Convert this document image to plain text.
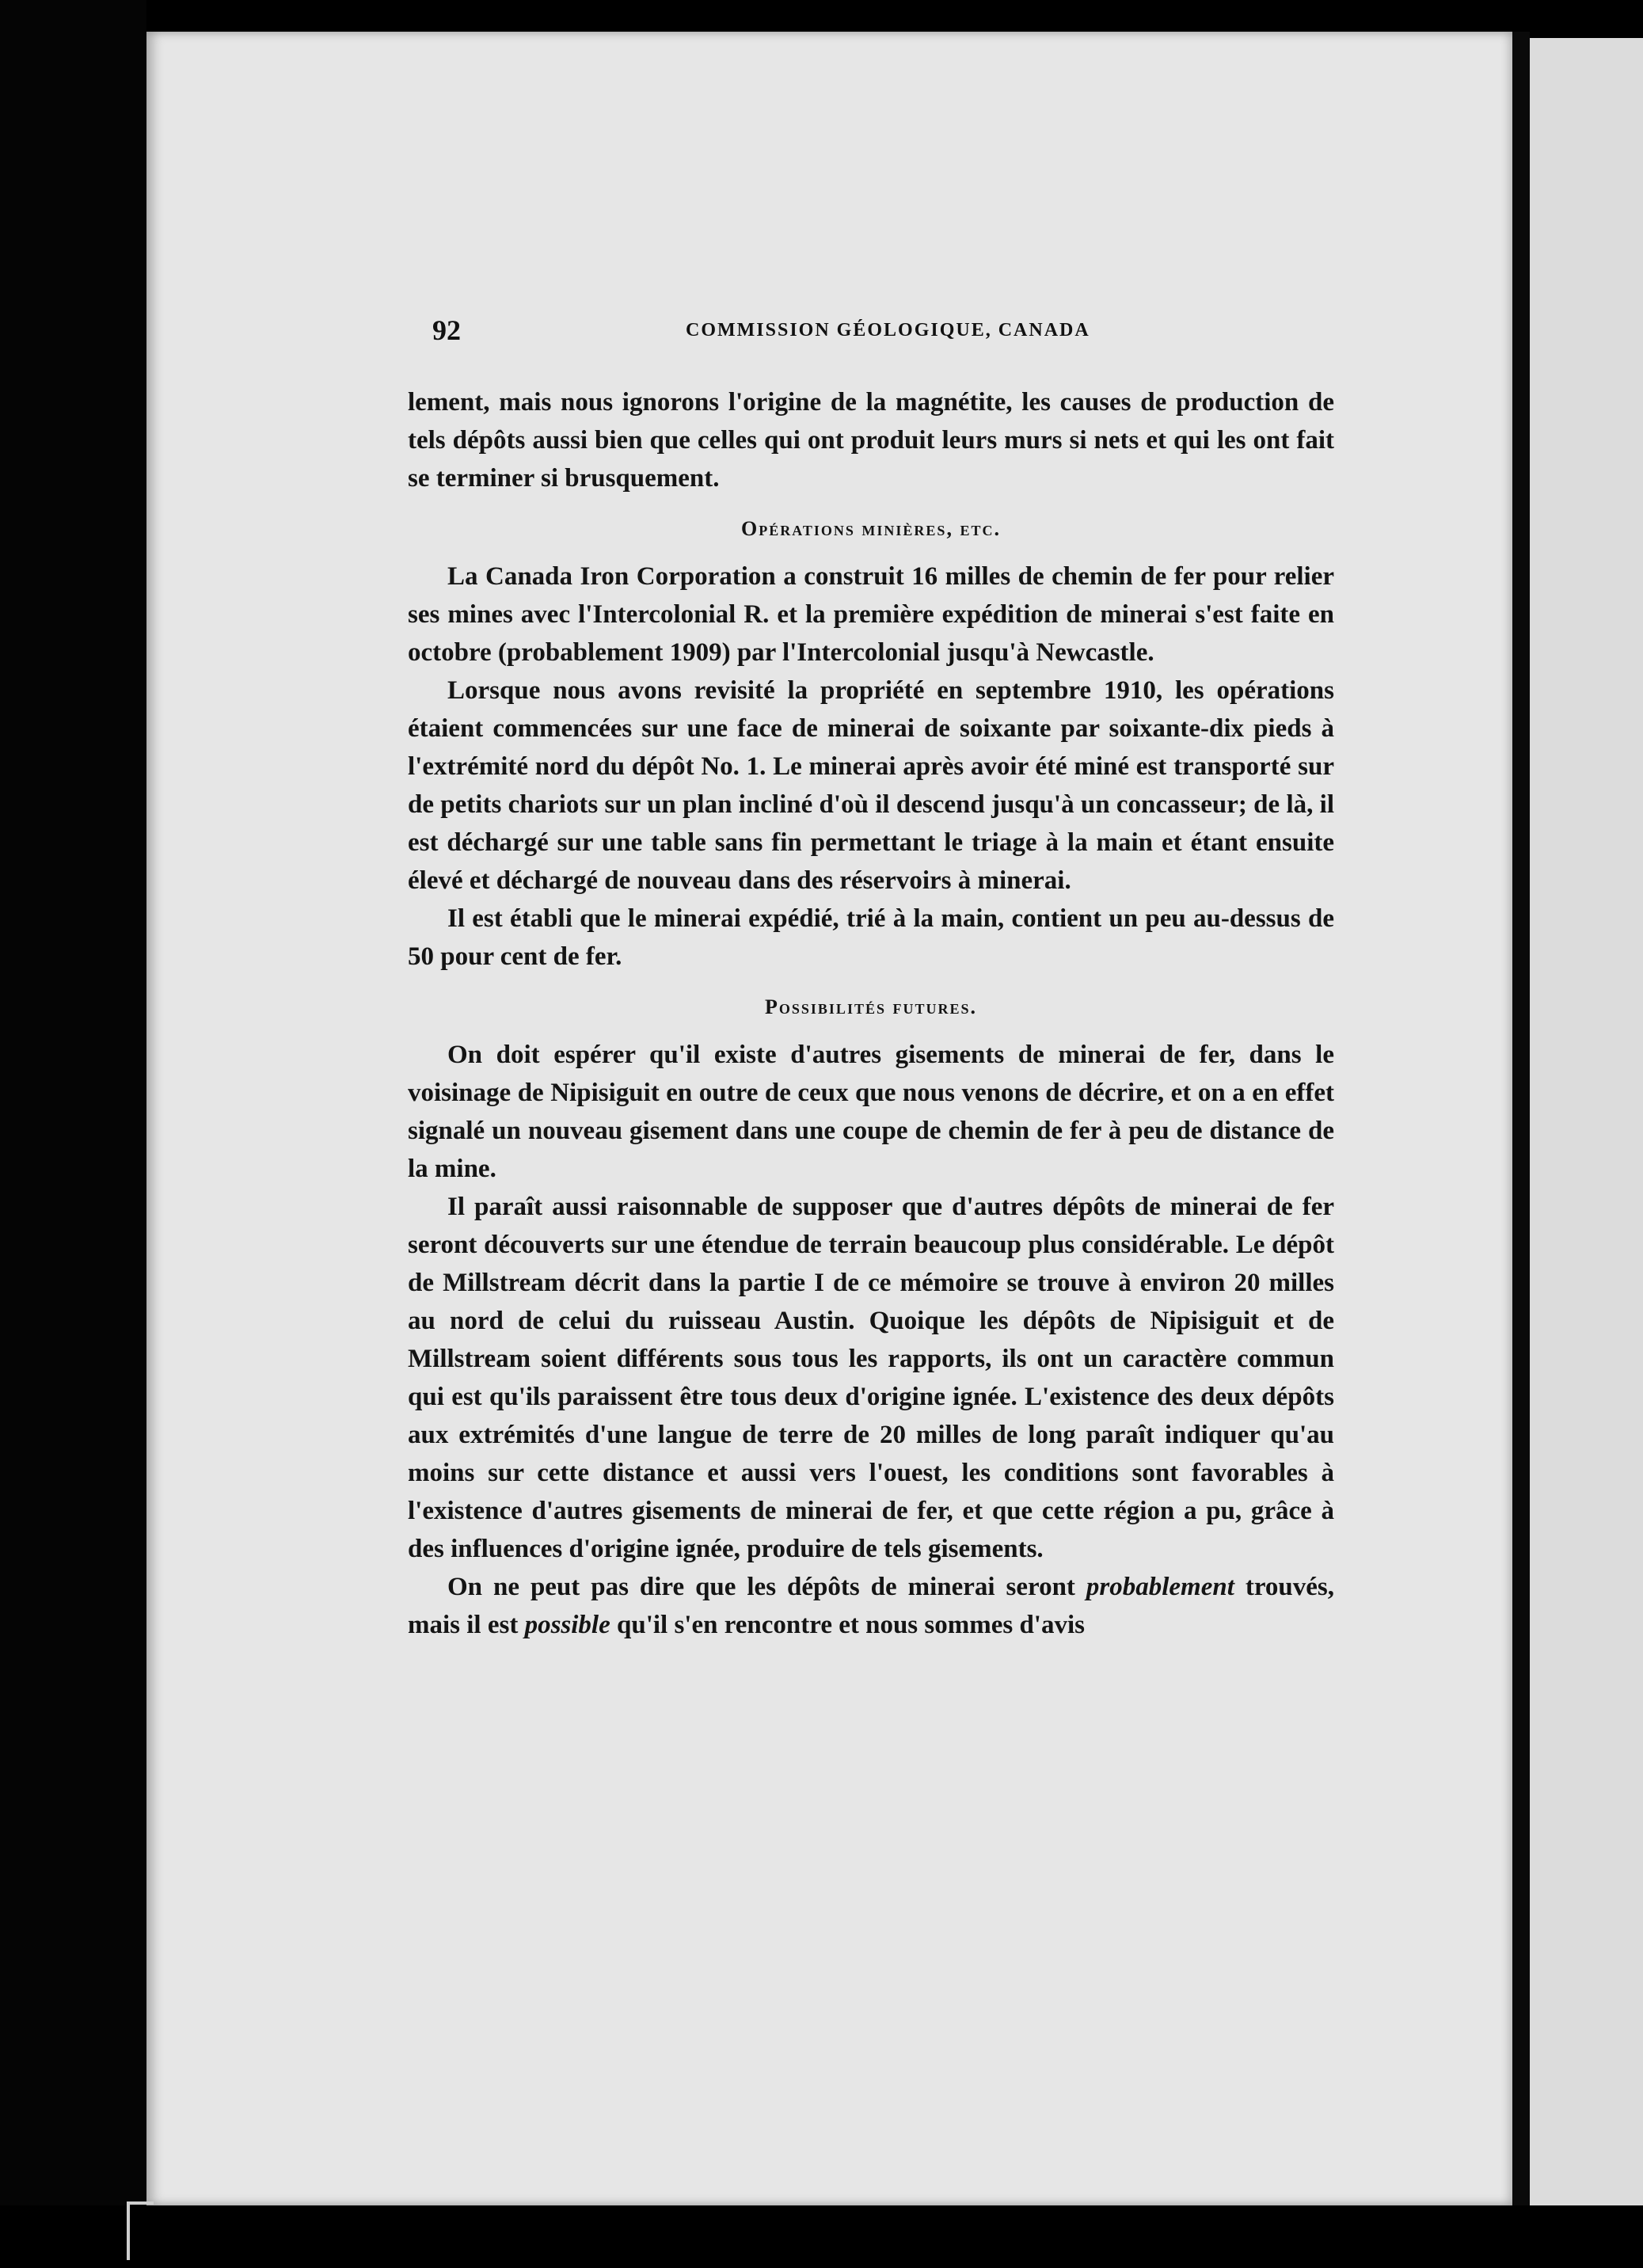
92	COMMISSION GÉOLOGIQUE, CANADA

lement, mais nous ignorons l'origine de la magnétite, les causes de production de tels dépôts aussi bien que celles qui ont produit leurs murs si nets et qui les ont fait se terminer si brusquement.

Opérations minières, etc.

La Canada Iron Corporation a construit 16 milles de chemin de fer pour relier ses mines avec l'Intercolonial R. et la première expédition de minerai s'est faite en octobre (probablement 1909) par l'Intercolonial jusqu'à Newcastle.

Lorsque nous avons revisité la propriété en septembre 1910, les opérations étaient commencées sur une face de minerai de soixante par soixante-dix pieds à l'extrémité nord du dépôt No. 1. Le minerai après avoir été miné est transporté sur de petits chariots sur un plan incliné d'où il descend jusqu'à un concasseur; de là, il est déchargé sur une table sans fin permettant le triage à la main et étant ensuite élevé et déchargé de nouveau dans des réservoirs à minerai.

Il est établi que le minerai expédié, trié à la main, contient un peu au-dessus de 50 pour cent de fer.

Possibilités futures.

On doit espérer qu'il existe d'autres gisements de minerai de fer, dans le voisinage de Nipisiguit en outre de ceux que nous venons de décrire, et on a en effet signalé un nouveau gisement dans une coupe de chemin de fer à peu de distance de la mine.

Il paraît aussi raisonnable de supposer que d'autres dépôts de minerai de fer seront découverts sur une étendue de terrain beaucoup plus considérable. Le dépôt de Millstream décrit dans la partie I de ce mémoire se trouve à environ 20 milles au nord de celui du ruisseau Austin. Quoique les dépôts de Nipisiguit et de Millstream soient différents sous tous les rapports, ils ont un caractère commun qui est qu'ils paraissent être tous deux d'origine ignée. L'existence des deux dépôts aux extrémités d'une langue de terre de 20 milles de long paraît indiquer qu'au moins sur cette distance et aussi vers l'ouest, les conditions sont favorables à l'existence d'autres gisements de minerai de fer, et que cette région a pu, grâce à des influences d'origine ignée, produire de tels gisements.

On ne peut pas dire que les dépôts de minerai seront probablement trouvés, mais il est possible qu'il s'en rencontre et nous sommes d'avis
